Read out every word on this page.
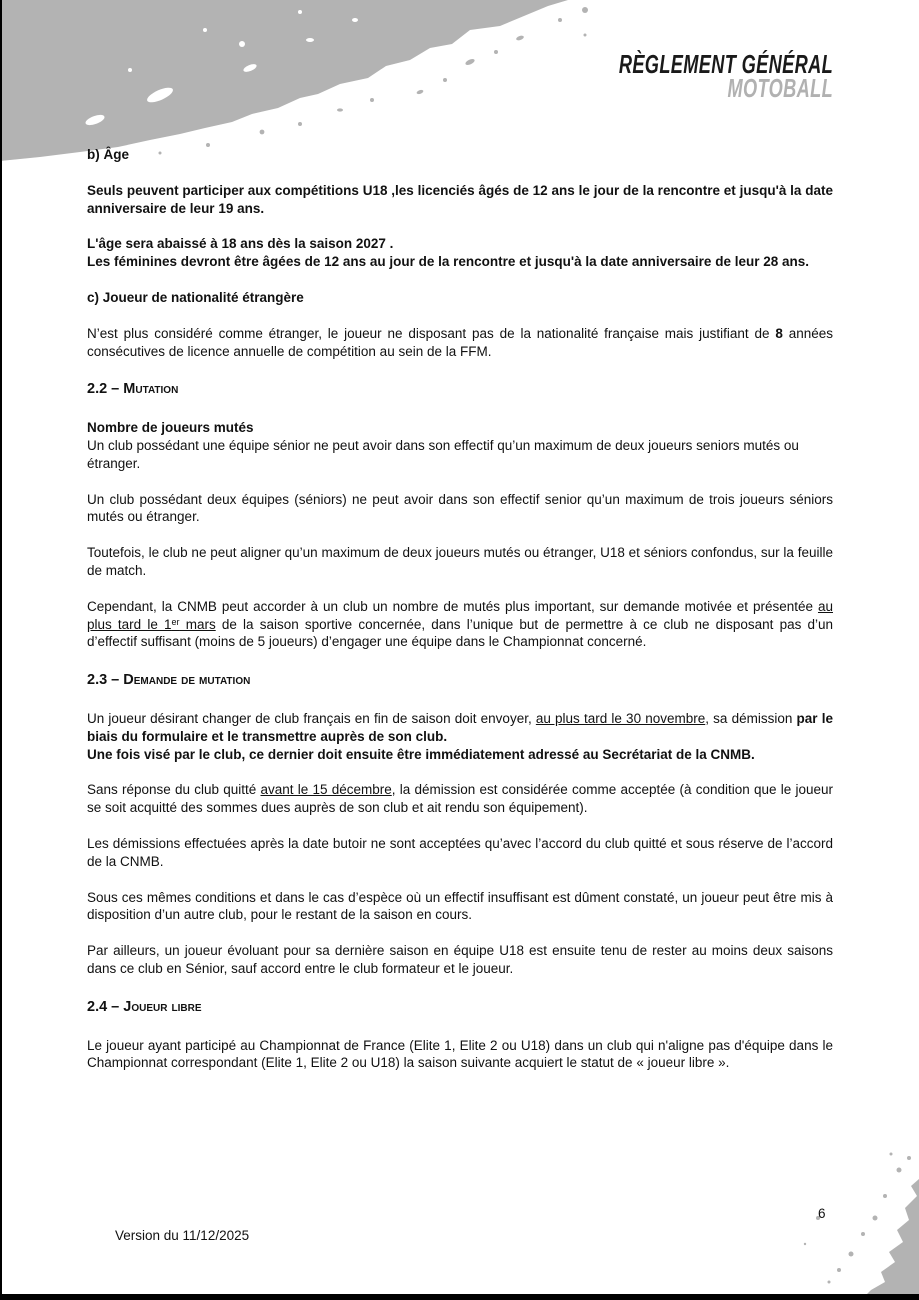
RÈGLEMENT GÉNÉRAL
MOTOBALL
b) Âge
Seuls peuvent participer aux compétitions U18 ,les licenciés âgés de 12 ans le jour de la rencontre et jusqu'à la date anniversaire de leur 19 ans.
L'âge sera abaissé à 18 ans dès la saison 2027 .
Les féminines devront être âgées de 12 ans au jour de la rencontre et jusqu'à la date anniversaire de leur 28 ans.
c) Joueur de nationalité étrangère
N’est plus considéré comme étranger, le joueur ne disposant pas de la nationalité française mais justifiant de 8 années consécutives de licence annuelle de compétition au sein de la FFM.
2.2 – Mutation
Nombre de joueurs mutés
Un club possédant une équipe sénior ne peut avoir dans son effectif qu’un maximum de deux joueurs seniors mutés ou étranger.
Un club possédant deux équipes (séniors) ne peut avoir dans son effectif senior qu’un maximum de trois joueurs séniors mutés ou étranger.
Toutefois, le club ne peut aligner qu’un maximum de deux joueurs mutés ou étranger, U18 et séniors confondus, sur la feuille de match.
Cependant, la CNMB peut accorder à un club un nombre de mutés plus important, sur demande motivée et présentée au plus tard le 1er mars de la saison sportive concernée, dans l’unique but de permettre à ce club ne disposant pas d’un d’effectif suffisant (moins de 5 joueurs) d’engager une équipe dans le Championnat concerné.
2.3 – Demande de mutation
Un joueur désirant changer de club français en fin de saison doit envoyer, au plus tard le 30 novembre, sa démission par le biais du formulaire et le transmettre auprès de son club.
Une fois visé par le club, ce dernier doit ensuite être immédiatement adressé au Secrétariat de la CNMB.
Sans réponse du club quitté avant le 15 décembre, la démission est considérée comme acceptée (à condition que le joueur se soit acquitté des sommes dues auprès de son club et ait rendu son équipement).
Les démissions effectuées après la date butoir ne sont acceptées qu’avec l’accord du club quitté et sous réserve de l’accord de la CNMB.
Sous ces mêmes conditions et dans le cas d’espèce où un effectif insuffisant est dûment constaté, un joueur peut être mis à disposition d’un autre club, pour le restant de la saison en cours.
Par ailleurs, un joueur évoluant pour sa dernière saison en équipe U18 est ensuite tenu de rester au moins deux saisons dans ce club en Sénior, sauf accord entre le club formateur et le joueur.
2.4 – Joueur libre
Le joueur ayant participé au Championnat de France (Elite 1, Elite 2 ou U18) dans un club qui n'aligne pas d'équipe dans le Championnat correspondant (Elite 1, Elite 2 ou U18) la saison suivante acquiert le statut de « joueur libre ».
Version du 11/12/2025
6
